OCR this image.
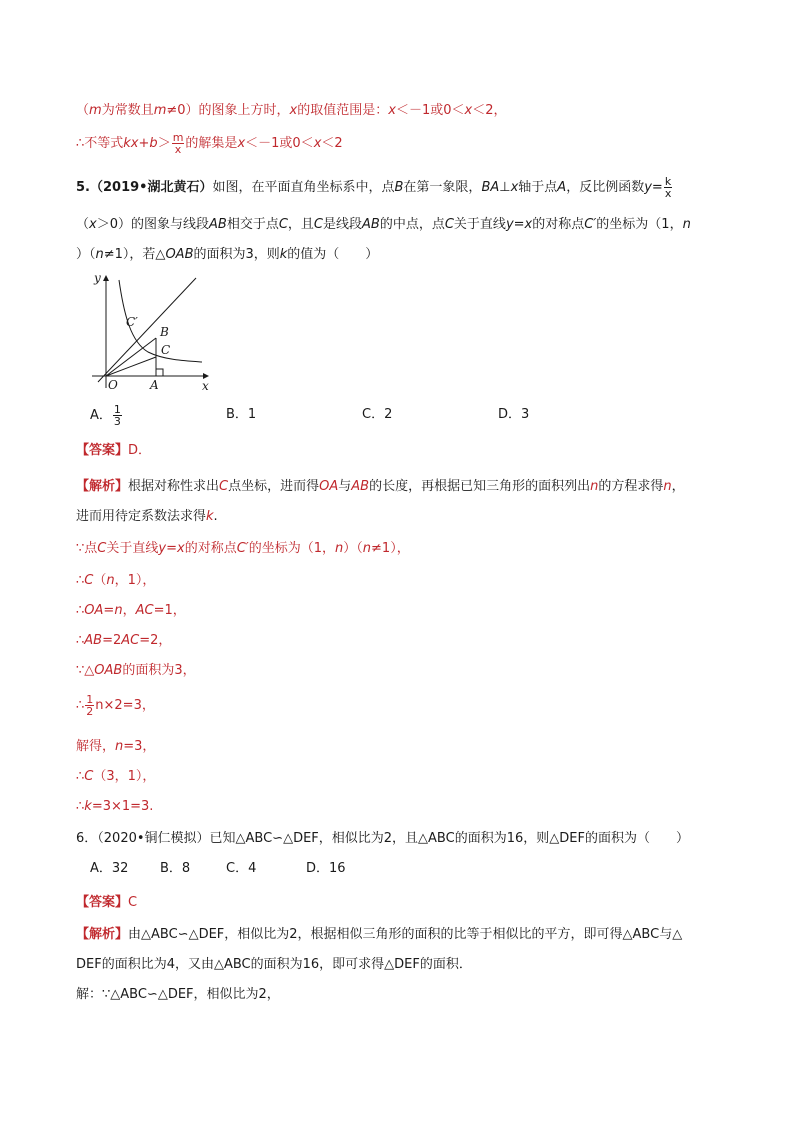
（m为常数且m≠0）的图象上方时，x的取值范围是：x＜－1或0＜x＜2，
∴不等式$kx+b> \frac{m}{x}$ 的解集是x＜－1或0＜x＜2
5.（2019•湖北黄石）如图，在平面直角坐标系中，点B在第一象限，BA⊥x轴于点A，反比例函数$y= \frac{k}{x}$
（x＞0）的图象与线段AB相交于点C，且C是线段AB的中点，点C关于直线y=x的对称点C′的坐标为（1，n
）（n≠1），若△OAB的面积为3，则k的值为（　　）
y
x
O	A
B
C
C′
A． $\frac{1}{3}$	B．1	C．2	D．3
【答案】D．
【解析】根据对称性求出C点坐标，进而得OA与AB的长度，再根据已知三角形的面积列出n的方程求得n，
进而用待定系数法求得k.
∵点C关于直线y=x的对称点C′的坐标为（1，n）（n≠1），
∴C（n，1），
∴OA=n，AC=1，
∴AB=2AC=2，
∵△OAB的面积为3，
∴ $\frac{1}{2} n\times 2=3$，
解得，n=3，
∴C（3，1），
∴k=3×1=3.
6．（2020•铜仁模拟）已知△ABC∽△DEF，相似比为2，且△ABC的面积为16，则△DEF的面积为（　　）
A．32 B．8	C．4	D．16
【答案】C
【解析】由△ABC∽△DEF，相似比为2，根据相似三角形的面积的比等于相似比的平方，即可得△ABC与△
DEF的面积比为4，又由△ABC的面积为16，即可求得△DEF的面积．
解：∵△ABC∽△DEF，相似比为2，
